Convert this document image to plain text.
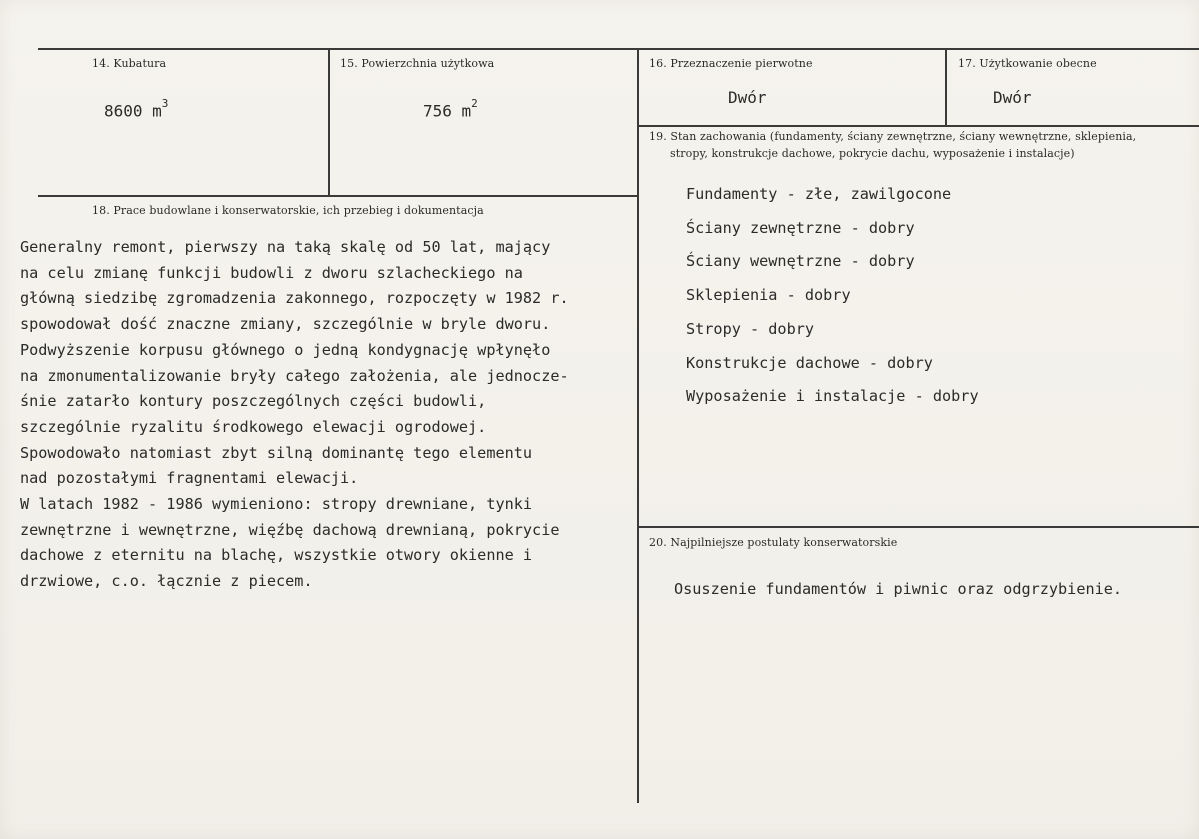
14. Kubatura
8600 $m^3$
15. Powierzchnia użytkowa
756 $m^2$
16. Przeznaczenie pierwotne
Dwór
17. Użytkowanie obecne
Dwór
18. Prace budowlane i konserwatorskie, ich przebieg i dokumentacja
Generalny remont, pierwszy na taką skalę od 50 lat, mający
na celu zmianę funkcji budowli z dworu szlacheckiego na
główną siedzibę zgromadzenia zakonnego, rozpoczęty w 1982 r.
spowodował dość znaczne zmiany, szczególnie w bryle dworu.
Podwyższenie korpusu głównego o jedną kondygnację wpłynęło
na zmonumentalizowanie bryły całego założenia, ale jednocze-
śnie zatarło kontury poszczególnych części budowli,
szczególnie ryzalitu środkowego elewacji ogrodowej.
Spowodowało natomiast zbyt silną dominantę tego elementu
nad pozostałymi fragnentami elewacji.
W latach 1982 - 1986 wymieniono: stropy drewniane, tynki
zewnętrzne i wewnętrzne, więźbę dachową drewnianą, pokrycie
dachowe z eternitu na blachę, wszystkie otwory okienne i
drzwiowe, c.o. łącznie z piecem.
19. Stan zachowania (fundamenty, ściany zewnętrzne, ściany wewnętrzne, sklepienia,
stropy, konstrukcje dachowe, pokrycie dachu, wyposażenie i instalacje)
Fundamenty - złe, zawilgocone
Ściany zewnętrzne - dobry
Ściany wewnętrzne - dobry
Sklepienia - dobry
Stropy - dobry
Konstrukcje dachowe - dobry
Wyposażenie i instalacje - dobry
20. Najpilniejsze postulaty konserwatorskie
Osuszenie fundamentów i piwnic oraz odgrzybienie.
